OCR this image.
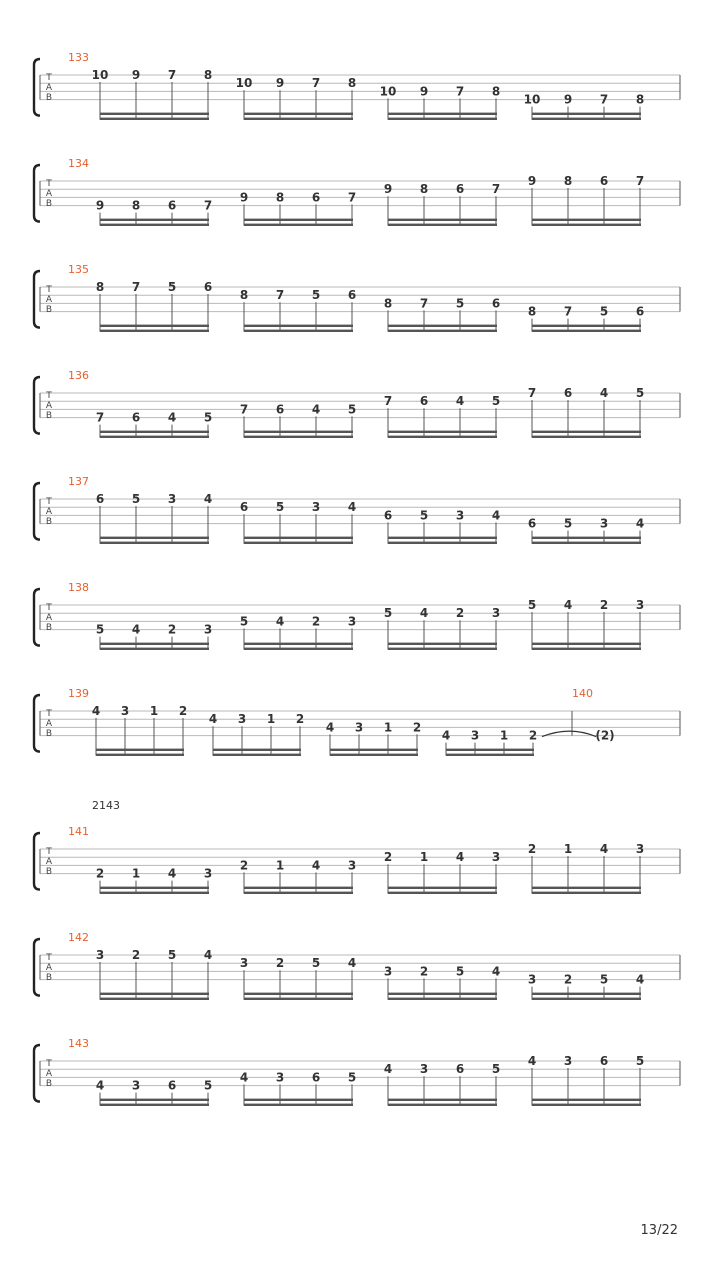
T
A
B
133
10 9 7 8
10 9 7 8
10 9 7 8
10 9 7 8
T
A
B
134
9 8 6 7
9 8 6 7
9 8 6 7
9 8 6 7
T
A
B
135
8 7 5 6
8 7 5 6
8 7 5 6
8 7 5 6
T
A
B
136
7 6 4 5
7 6 4 5
7 6 4 5
7 6 4 5
T
A
B
137
6 5 3 4
6 5 3 4
6 5 3 4
6 5 3 4
T
A
B
138
5 4 2 3
5 4 2 3
5 4 2 3
5 4 2 3
T
A
B
139
4 3 1 2
4 3 1 2
4 3 1 2
4 3 1 2
140
(2)
T
A
B
141
2 1 4 3
2 1 4 3
2 1 4 3
2 1 4 3
T
A
B
142
3 2 5 4
3 2 5 4
3 2 5 4
3 2 5 4
T
A
B
143
4 3 6 5
4 3 6 5
4 3 6 5
4 3 6 5
2143
13/22
